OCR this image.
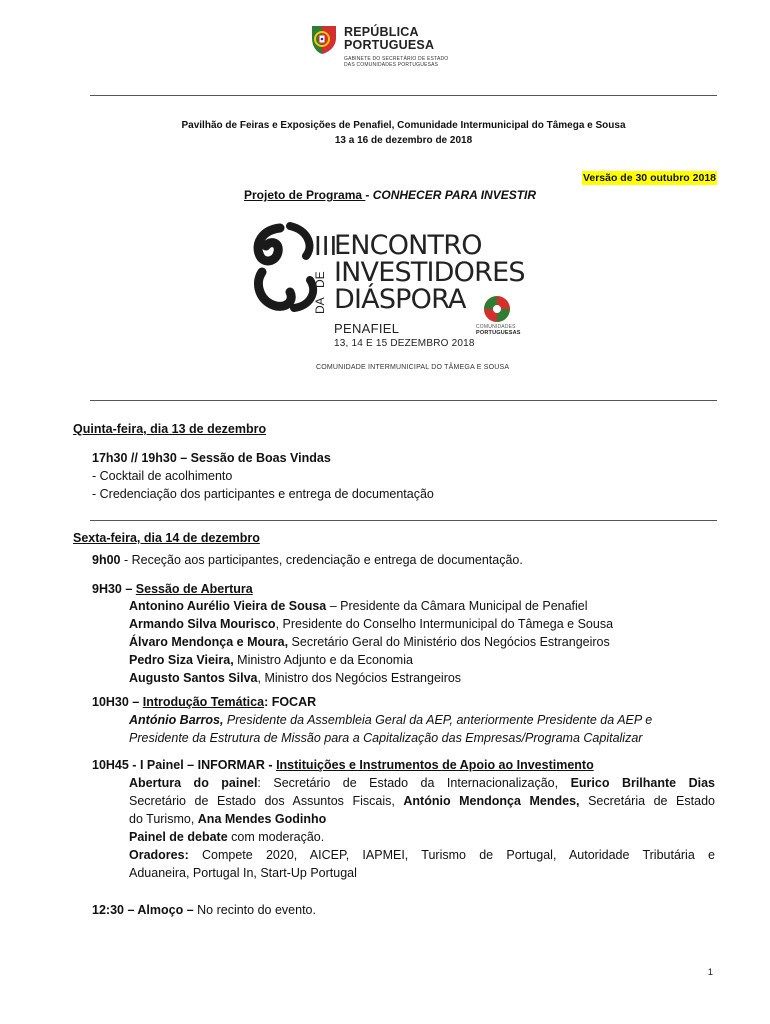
REPÚBLICA
PORTUGUESA
GABINETE DO SECRETÁRIO DE ESTADO
DAS COMUNIDADES PORTUGUESAS
Pavilhão de Feiras e Exposições de Penafiel, Comunidade Intermunicipal do Tâmega e Sousa
13 a 16 de dezembro de 2018
Versão de 30 outubro 2018
Projeto de Programa - CONHECER PARA INVESTIR
III
DE
DA
ENCONTRO
INVESTIDORES
DIÁSPORA
PENAFIEL
13, 14 E 15 DEZEMBRO 2018
COMUNIDADE INTERMUNICIPAL DO TÂMEGA E SOUSA
COMUNIDADES
PORTUGUESAS
Quinta-feira, dia 13 de dezembro
17h30 // 19h30 – Sessão de Boas Vindas
- Cocktail de acolhimento
- Credenciação dos participantes e entrega de documentação
Sexta-feira, dia 14 de dezembro
9h00 - Receção aos participantes, credenciação e entrega de documentação.
9H30 – Sessão de Abertura
Antonino Aurélio Vieira de Sousa – Presidente da Câmara Municipal de Penafiel
Armando Silva Mourisco, Presidente do Conselho Intermunicipal do Tâmega e Sousa
Álvaro Mendonça e Moura, Secretário Geral do Ministério dos Negócios Estrangeiros
Pedro Siza Vieira, Ministro Adjunto e da Economia
Augusto Santos Silva, Ministro dos Negócios Estrangeiros
10H30 – Introdução Temática: FOCAR
António Barros, Presidente da Assembleia Geral da AEP, anteriormente Presidente da AEP e
Presidente da Estrutura de Missão para a Capitalização das Empresas/Programa Capitalizar
10H45 - I Painel – INFORMAR - Instituições e Instrumentos de Apoio ao Investimento
Abertura do painel: Secretário de Estado da Internacionalização, Eurico Brilhante Dias
Secretário de Estado dos Assuntos Fiscais, António Mendonça Mendes, Secretária de Estado
do Turismo, Ana Mendes Godinho
Painel de debate com moderação.
Oradores: Compete 2020, AICEP, IAPMEI, Turismo de Portugal, Autoridade Tributária e
Aduaneira, Portugal In, Start-Up Portugal
12:30 – Almoço – No recinto do evento.
1
